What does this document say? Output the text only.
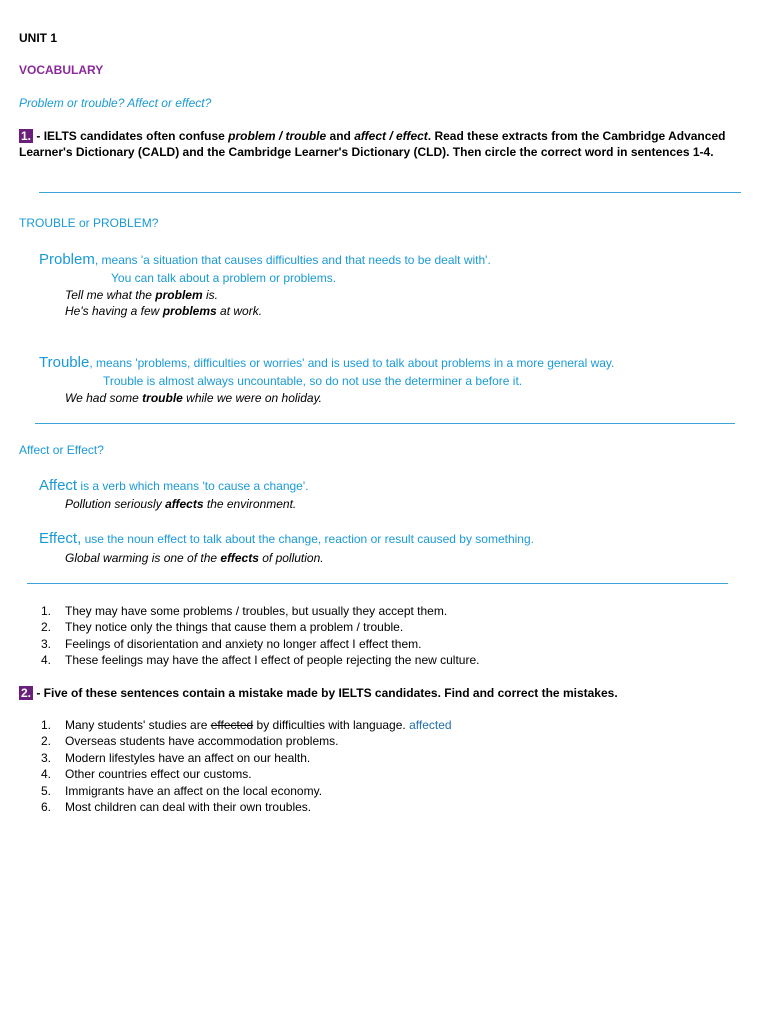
UNIT 1
VOCABULARY
Problem or trouble? Affect or effect?
1. - IELTS candidates often confuse problem / trouble and affect / effect. Read these extracts from the Cambridge Advanced
Learner's Dictionary (CALD) and the Cambridge Learner's Dictionary (CLD). Then circle the correct word in sentences 1-4.
TROUBLE or PROBLEM?
Problem, means 'a situation that causes difficulties and that needs to be dealt with'.
You can talk about a problem or problems.
Tell me what the problem is.
He's having a few problems at work.
Trouble, means 'problems, difficulties or worries' and is used to talk about problems in a more general way.
Trouble is almost always uncountable, so do not use the determiner a before it.
We had some trouble while we were on holiday.
Affect or Effect?
Affect is a verb which means 'to cause a change'.
Pollution seriously affects the environment.
Effect, use the noun effect to talk about the change, reaction or result caused by something.
Global warming is one of the effects of pollution.
1.	They may have some problems / troubles, but usually they accept them.
2.	They notice only the things that cause them a problem / trouble.
3.	Feelings of disorientation and anxiety no longer affect I effect them.
4.	These feelings may have the affect I effect of people rejecting the new culture.
2. - Five of these sentences contain a mistake made by IELTS candidates. Find and correct the mistakes.
1.	Many students' studies are effected by difficulties with language. affected
2.	Overseas students have accommodation problems.
3.	Modern lifestyles have an affect on our health.
4.	Other countries effect our customs.
5.	Immigrants have an affect on the local economy.
6.	Most children can deal with their own troubles.
